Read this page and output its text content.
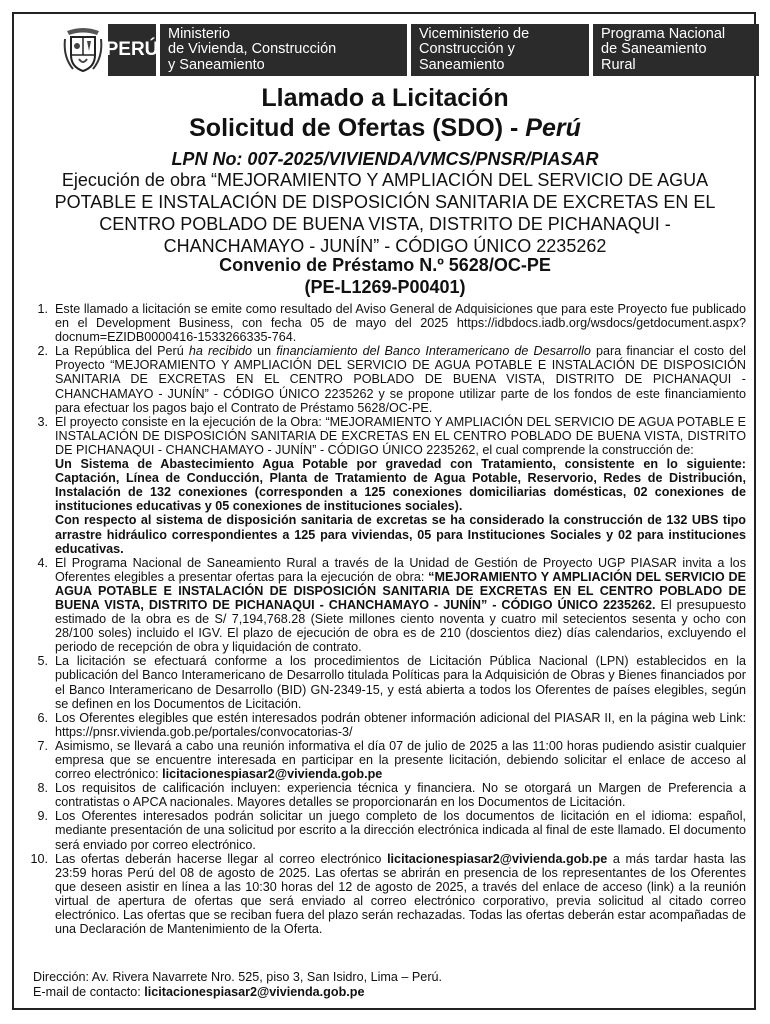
PERÚ
Ministerio
de Vivienda, Construcción
y Saneamiento
Viceministerio de
Construcción y
Saneamiento
Programa Nacional
de Saneamiento
Rural
Llamado a Licitación
Solicitud de Ofertas (SDO) - Perú
LPN No: 007-2025/VIVIENDA/VMCS/PNSR/PIASAR
Ejecución de obra “MEJORAMIENTO Y AMPLIACIÓN DEL SERVICIO DE AGUA POTABLE E INSTALACIÓN DE DISPOSICIÓN SANITARIA DE EXCRETAS EN EL CENTRO POBLADO DE BUENA VISTA, DISTRITO DE PICHANAQUI - CHANCHAMAYO - JUNÍN” - CÓDIGO ÚNICO 2235262
Convenio de Préstamo N.º 5628/OC-PE
(PE-L1269-P00401)
1. Este llamado a licitación se emite como resultado del Aviso General de Adquisiciones que para este Proyecto fue publicado en el Development Business, con fecha 05 de mayo del 2025 https://idbdocs.iadb.org/wsdocs/getdocument.aspx?docnum=EZIDB0000416-1533266335-764.
2. La República del Perú ha recibido un financiamiento del Banco Interamericano de Desarrollo para financiar el costo del Proyecto “MEJORAMIENTO Y AMPLIACIÓN DEL SERVICIO DE AGUA POTABLE E INSTALACIÓN DE DISPOSICIÓN SANITARIA DE EXCRETAS EN EL CENTRO POBLADO DE BUENA VISTA, DISTRITO DE PICHANAQUI - CHANCHAMAYO - JUNÍN” - CÓDIGO ÚNICO 2235262 y se propone utilizar parte de los fondos de este financiamiento para efectuar los pagos bajo el Contrato de Préstamo 5628/OC-PE.
3. El proyecto consiste en la ejecución de la Obra: “MEJORAMIENTO Y AMPLIACIÓN DEL SERVICIO DE AGUA POTABLE E INSTALACIÓN DE DISPOSICIÓN SANITARIA DE EXCRETAS EN EL CENTRO POBLADO DE BUENA VISTA, DISTRITO DE PICHANAQUI - CHANCHAMAYO - JUNÍN” - CÓDIGO ÚNICO 2235262, el cual comprende la construcción de:
Un Sistema de Abastecimiento Agua Potable por gravedad con Tratamiento, consistente en lo siguiente: Captación, Línea de Conducción, Planta de Tratamiento de Agua Potable, Reservorio, Redes de Distribución, Instalación de 132 conexiones (corresponden a 125 conexiones domiciliarias domésticas, 02 conexiones de instituciones educativas y 05 conexiones de instituciones sociales).
Con respecto al sistema de disposición sanitaria de excretas se ha considerado la construcción de 132 UBS tipo arrastre hidráulico correspondientes a 125 para viviendas, 05 para Instituciones Sociales y 02 para instituciones educativas.
4. El Programa Nacional de Saneamiento Rural a través de la Unidad de Gestión de Proyecto UGP PIASAR invita a los Oferentes elegibles a presentar ofertas para la ejecución de obra: “MEJORAMIENTO Y AMPLIACIÓN DEL SERVICIO DE AGUA POTABLE E INSTALACIÓN DE DISPOSICIÓN SANITARIA DE EXCRETAS EN EL CENTRO POBLADO DE BUENA VISTA, DISTRITO DE PICHANAQUI - CHANCHAMAYO - JUNÍN” - CÓDIGO ÚNICO 2235262. El presupuesto estimado de la obra es de S/ 7,194,768.28 (Siete millones ciento noventa y cuatro mil setecientos sesenta y ocho con 28/100 soles) incluido el IGV. El plazo de ejecución de obra es de 210 (doscientos diez) días calendarios, excluyendo el periodo de recepción de obra y liquidación de contrato.
5. La licitación se efectuará conforme a los procedimientos de Licitación Pública Nacional (LPN) establecidos en la publicación del Banco Interamericano de Desarrollo titulada Políticas para la Adquisición de Obras y Bienes financiados por el Banco Interamericano de Desarrollo (BID) GN-2349-15, y está abierta a todos los Oferentes de países elegibles, según se definen en los Documentos de Licitación.
6. Los Oferentes elegibles que estén interesados podrán obtener información adicional del PIASAR II, en la página web Link: https://pnsr.vivienda.gob.pe/portales/convocatorias-3/
7. Asimismo, se llevará a cabo una reunión informativa el día 07 de julio de 2025 a las 11:00 horas pudiendo asistir cualquier empresa que se encuentre interesada en participar en la presente licitación, debiendo solicitar el enlace de acceso al correo electrónico: licitacionespiasar2@vivienda.gob.pe
8. Los requisitos de calificación incluyen: experiencia técnica y financiera. No se otorgará un Margen de Preferencia a contratistas o APCA nacionales. Mayores detalles se proporcionarán en los Documentos de Licitación.
9. Los Oferentes interesados podrán solicitar un juego completo de los documentos de licitación en el idioma: español, mediante presentación de una solicitud por escrito a la dirección electrónica indicada al final de este llamado. El documento será enviado por correo electrónico.
10. Las ofertas deberán hacerse llegar al correo electrónico licitacionespiasar2@vivienda.gob.pe a más tardar hasta las 23:59 horas Perú del 08 de agosto de 2025. Las ofertas se abrirán en presencia de los representantes de los Oferentes que deseen asistir en línea a las 10:30 horas del 12 de agosto de 2025, a través del enlace de acceso (link) a la reunión virtual de apertura de ofertas que será enviado al correo electrónico corporativo, previa solicitud al citado correo electrónico. Las ofertas que se reciban fuera del plazo serán rechazadas. Todas las ofertas deberán estar acompañadas de una Declaración de Mantenimiento de la Oferta.
Dirección: Av. Rivera Navarrete Nro. 525, piso 3, San Isidro, Lima – Perú.
E-mail de contacto: licitacionespiasar2@vivienda.gob.pe
